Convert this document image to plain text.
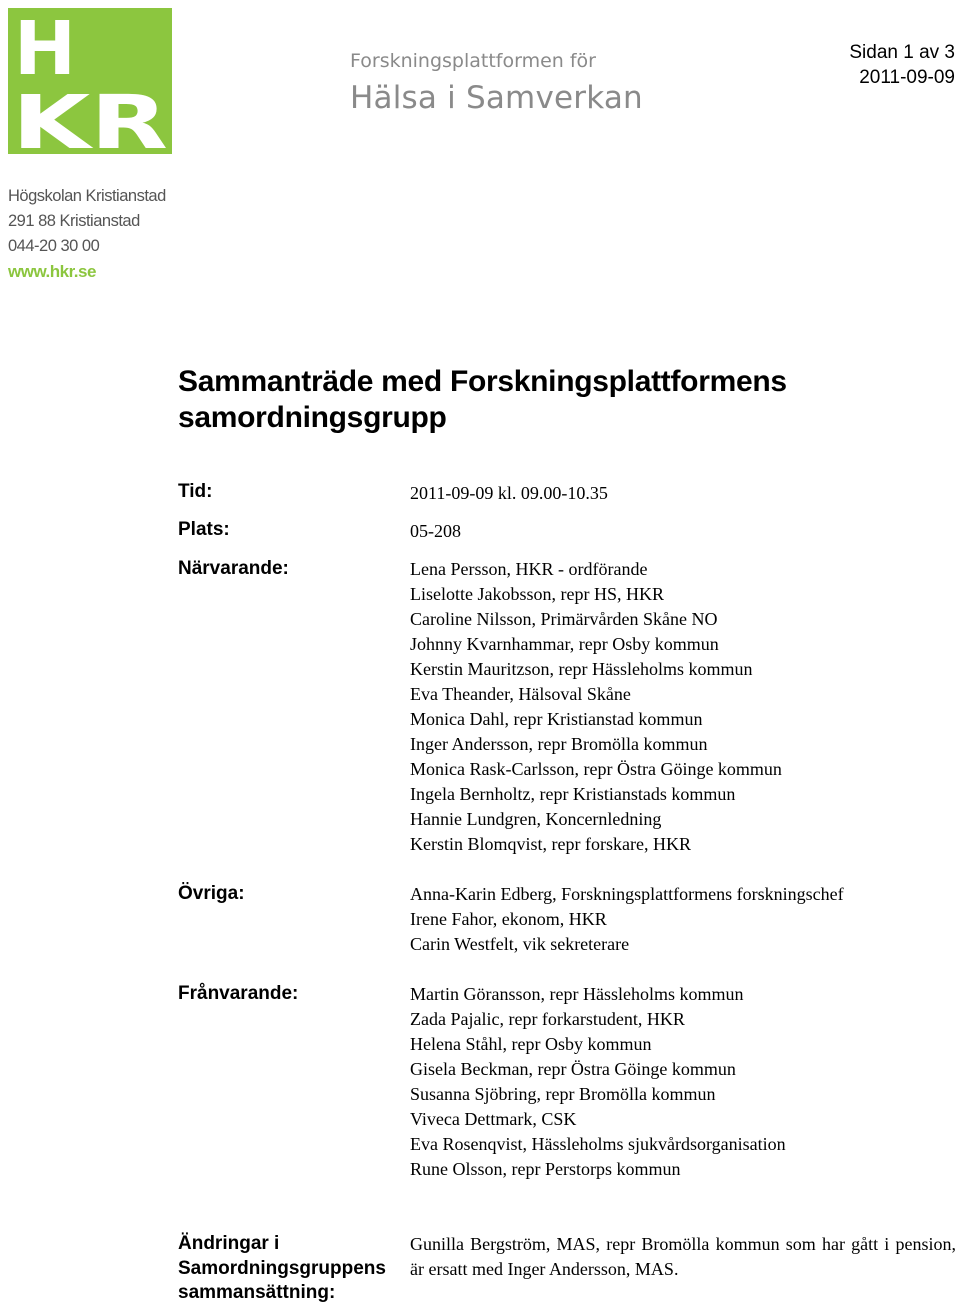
H
KR
Högskolan Kristianstad
291 88 Kristianstad
044-20 30 00
www.hkr.se
Forskningsplattformen för
Hälsa i Samverkan
Sidan 1 av 3
2011-09-09
Sammanträde med Forskningsplattformens samordningsgrupp
Tid:	2011-09-09 kl. 09.00-10.35
Plats:	05-208
Närvarande:	Lena Persson, HKR - ordförande
Liselotte Jakobsson, repr HS, HKR
Caroline Nilsson, Primärvården Skåne NO
Johnny Kvarnhammar, repr Osby kommun
Kerstin Mauritzson, repr Hässleholms kommun
Eva Theander, Hälsoval Skåne
Monica Dahl, repr Kristianstad kommun
Inger Andersson, repr Bromölla kommun
Monica Rask-Carlsson, repr Östra Göinge kommun
Ingela Bernholtz, repr Kristianstads kommun
Hannie Lundgren, Koncernledning
Kerstin Blomqvist, repr forskare, HKR
Övriga:	Anna-Karin Edberg, Forskningsplattformens forskningschef
Irene Fahor, ekonom, HKR
Carin Westfelt, vik sekreterare
Frånvarande:	Martin Göransson, repr Hässleholms kommun
Zada Pajalic, repr forkarstudent, HKR
Helena Ståhl, repr Osby kommun
Gisela Beckman, repr Östra Göinge kommun
Susanna Sjöbring, repr Bromölla kommun
Viveca Dettmark, CSK
Eva Rosenqvist, Hässleholms sjukvårdsorganisation
Rune Olsson, repr Perstorps kommun
Ändringar i
Samordningsgruppens
sammansättning:
Gunilla Bergström, MAS, repr Bromölla kommun som har gått i pension, är ersatt med Inger Andersson, MAS.
